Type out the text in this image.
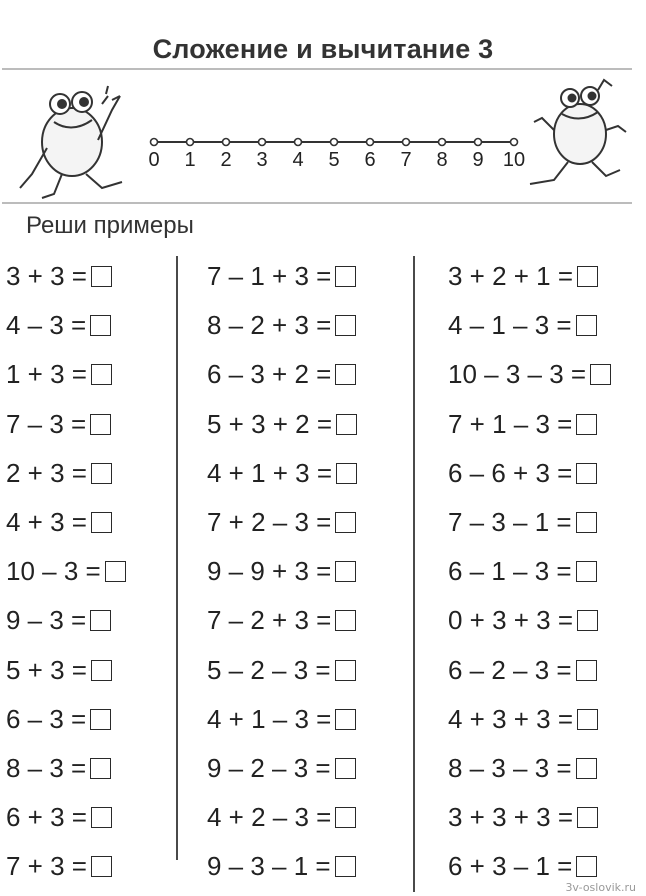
Сложение и вычитание 3
0 1 2 3 4 5 6 7 8 9 10
Реши примеры
3 + 3 =
4 – 3 =
1 + 3 =
7 – 3 =
2 + 3 =
4 + 3 =
10 – 3 =
9 – 3 =
5 + 3 =
6 – 3 =
8 – 3 =
6 + 3 =
7 + 3 =
7 – 1 + 3 =
8 – 2 + 3 =
6 – 3 + 2 =
5 + 3 + 2 =
4 + 1 + 3 =
7 + 2 – 3 =
9 – 9 + 3 =
7 – 2 + 3 =
5 – 2 – 3 =
4 + 1 – 3 =
9 – 2 – 3 =
4 + 2 – 3 =
9 – 3 – 1 =
3 + 2 + 1 =
4 – 1 – 3 =
10 – 3 – 3 =
7 + 1 – 3 =
6 – 6 + 3 =
7 – 3 – 1 =
6 – 1 – 3 =
0 + 3 + 3 =
6 – 2 – 3 =
4 + 3 + 3 =
8 – 3 – 3 =
3 + 3 + 3 =
6 + 3 – 1 =
3v-oslovik.ru
